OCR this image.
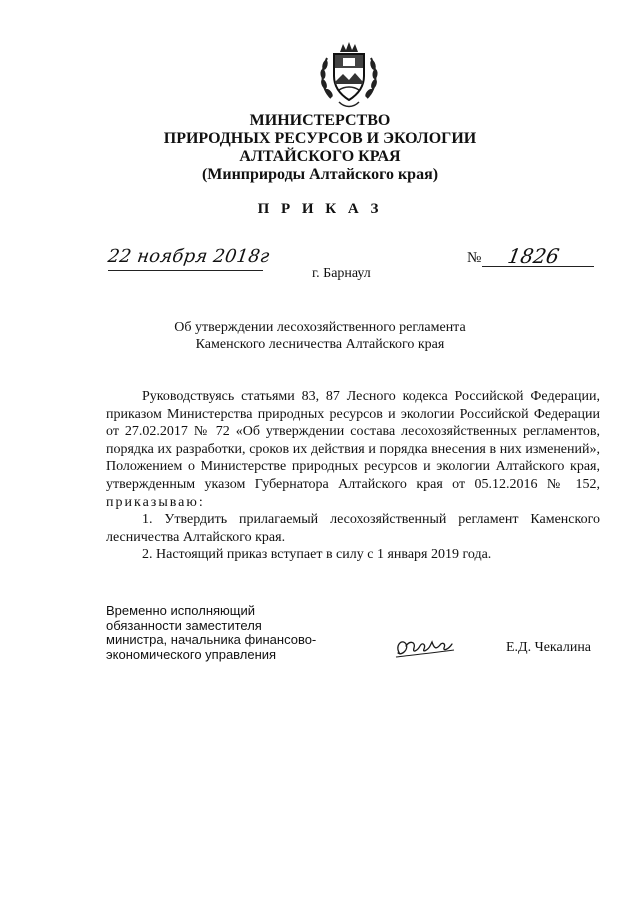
МИНИСТЕРСТВО
ПРИРОДНЫХ РЕСУРСОВ И ЭКОЛОГИИ
АЛТАЙСКОГО КРАЯ
(Минприроды Алтайского края)
П Р И К А З
22 ноября 2018г	№ 1826
г. Барнаул
Об утверждении лесохозяйственного регламента
Каменского лесничества Алтайского края

Руководствуясь статьями 83, 87 Лесного кодекса Российской Федерации, приказом Министерства природных ресурсов и экологии Российской Федерации от 27.02.2017 № 72 «Об утверждении состава лесохозяйственных регламентов, порядка их разработки, сроков их действия и порядка внесения в них изменений», Положением о Министерстве природных ресурсов и экологии Алтайского края, утвержденным указом Губернатора Алтайского края от 05.12.2016 № 152, приказываю:

1. Утвердить прилагаемый лесохозяйственный регламент Каменского лесничества Алтайского края.

2. Настоящий приказ вступает в силу с 1 января 2019 года.

Временно исполняющий
обязанности заместителя
министра, начальника финансово-
экономического управления	Е.Д. Чекалина
